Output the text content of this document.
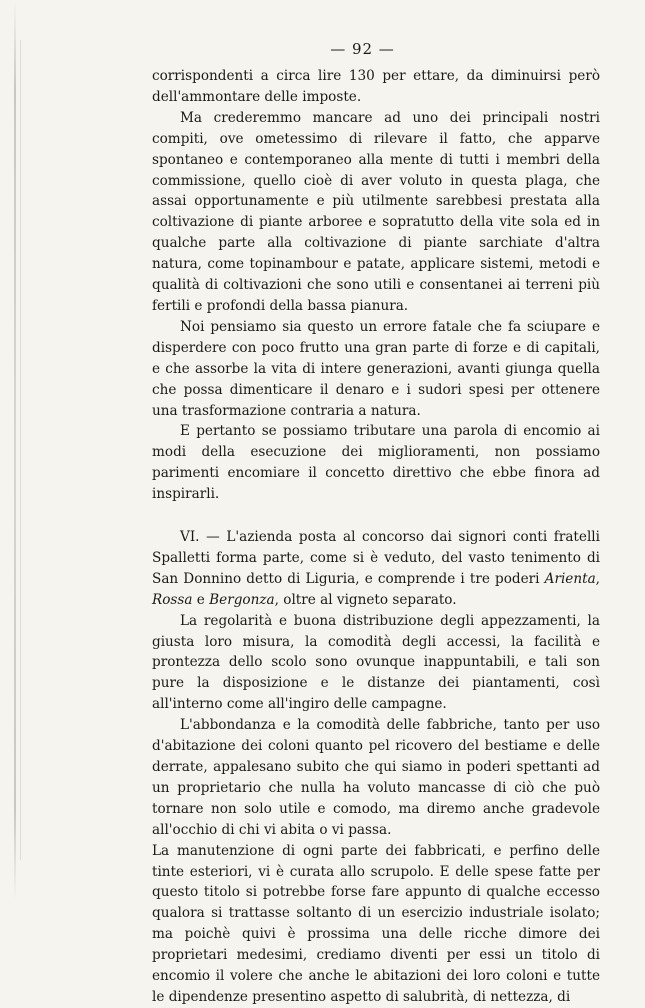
— 92 —

corrispondenti a circa lire 130 per ettare, da diminuirsi però dell'ammontare delle imposte.

Ma crederemmo mancare ad uno dei principali nostri compiti, ove ometessimo di rilevare il fatto, che apparve spontaneo e contemporaneo alla mente di tutti i membri della commissione, quello cioè di aver voluto in questa plaga, che assai opportunamente e più utilmente sarebbesi prestata alla coltivazione di piante arboree e sopratutto della vite sola ed in qualche parte alla coltivazione di piante sarchiate d'altra natura, come topinambour e patate, applicare sistemi, metodi e qualità di coltivazioni che sono utili e consentanei ai terreni più fertili e profondi della bassa pianura.

Noi pensiamo sia questo un errore fatale che fa sciupare e disperdere con poco frutto una gran parte di forze e di capitali, e che assorbe la vita di intere generazioni, avanti giunga quella che possa dimenticare il denaro e i sudori spesi per ottenere una trasformazione contraria a natura.

E pertanto se possiamo tributare una parola di encomio ai modi della esecuzione dei miglioramenti, non possiamo parimenti encomiare il concetto direttivo che ebbe finora ad inspirarli.

VI. — L'azienda posta al concorso dai signori conti fratelli Spalletti forma parte, come si è veduto, del vasto tenimento di San Donnino detto di Liguria, e comprende i tre poderi Arienta, Rossa e Bergonza, oltre al vigneto separato.

La regolarità e buona distribuzione degli appezzamenti, la giusta loro misura, la comodità degli accessi, la facilità e prontezza dello scolo sono ovunque inappuntabili, e tali son pure la disposizione e le distanze dei piantamenti, così all'interno come all'ingiro delle campagne.

L'abbondanza e la comodità delle fabbriche, tanto per uso d'abitazione dei coloni quanto pel ricovero del bestiame e delle derrate, appalesano subito che qui siamo in poderi spettanti ad un proprietario che nulla ha voluto mancasse di ciò che può tornare non solo utile e comodo, ma diremo anche gradevole all'occhio di chi vi abita o vi passa.

La manutenzione di ogni parte dei fabbricati, e perfino delle tinte esteriori, vi è curata allo scrupolo. E delle spese fatte per questo titolo si potrebbe forse fare appunto di qualche eccesso qualora si trattasse soltanto di un esercizio industriale isolato; ma poichè quivi è prossima una delle ricche dimore dei proprietari medesimi, crediamo diventi per essi un titolo di encomio il volere che anche le abitazioni dei loro coloni e tutte le dipendenze presentino aspetto di salubrità, di nettezza, di
